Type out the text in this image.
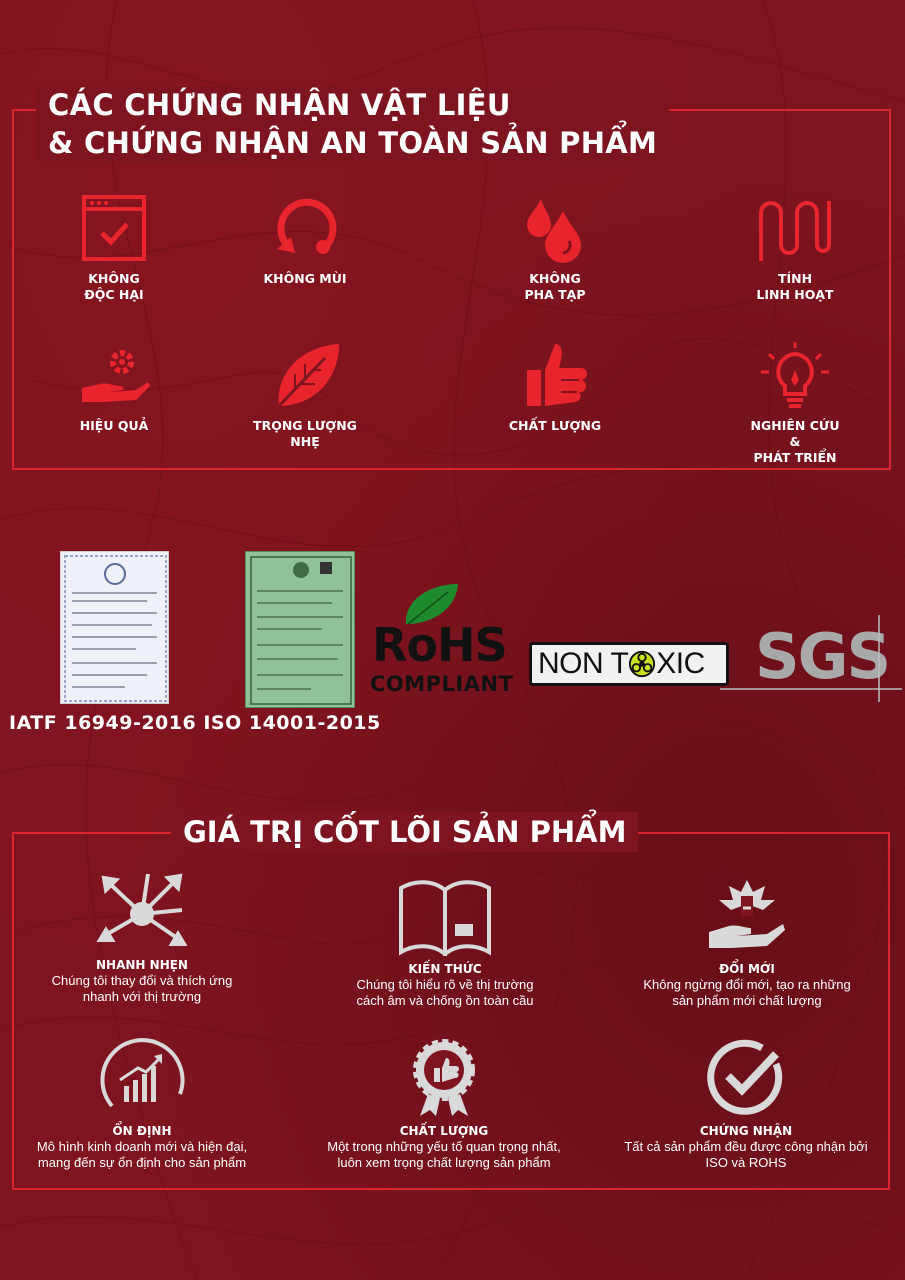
CÁC CHỨNG NHẬN VẬT LIỆU
& CHỨNG NHẬN AN TOÀN SẢN PHẨM
KHÔNG
ĐỘC HẠI
KHÔNG MÙI	KHÔNG
PHA TẠP
TÍNH
LINH HOẠT
HIỆU QUẢ	TRỌNG LƯỢNG
NHẸ
CHẤT LƯỢNG	NGHIÊN CỨU
&
PHÁT TRIỂN
IATF 16949-2016 ISO 14001-2015
RoHS
COMPLIANT
NON T XIC SGS
GIÁ TRỊ CỐT LÕI SẢN PHẨM
NHANH NHẸN
Chúng tôi thay đổi và thích ứng
nhanh với thị trường
KIẾN THỨC
Chúng tôi hiểu rõ về thị trường
cách âm và chống ồn toàn cầu
ĐỔI MỚI
Không ngừng đổi mới, tạo ra những
sản phẩm mới chất lượng
ỔN ĐỊNH
Mô hình kinh doanh mới và hiện đại,
mang đến sự ổn định cho sản phẩm
CHẤT LƯỢNG
Một trong những yếu tố quan trọng nhất,
luôn xem trọng chất lượng sản phẩm
CHỨNG NHẬN
Tất cả sản phẩm đều được công nhận bởi
ISO và ROHS
